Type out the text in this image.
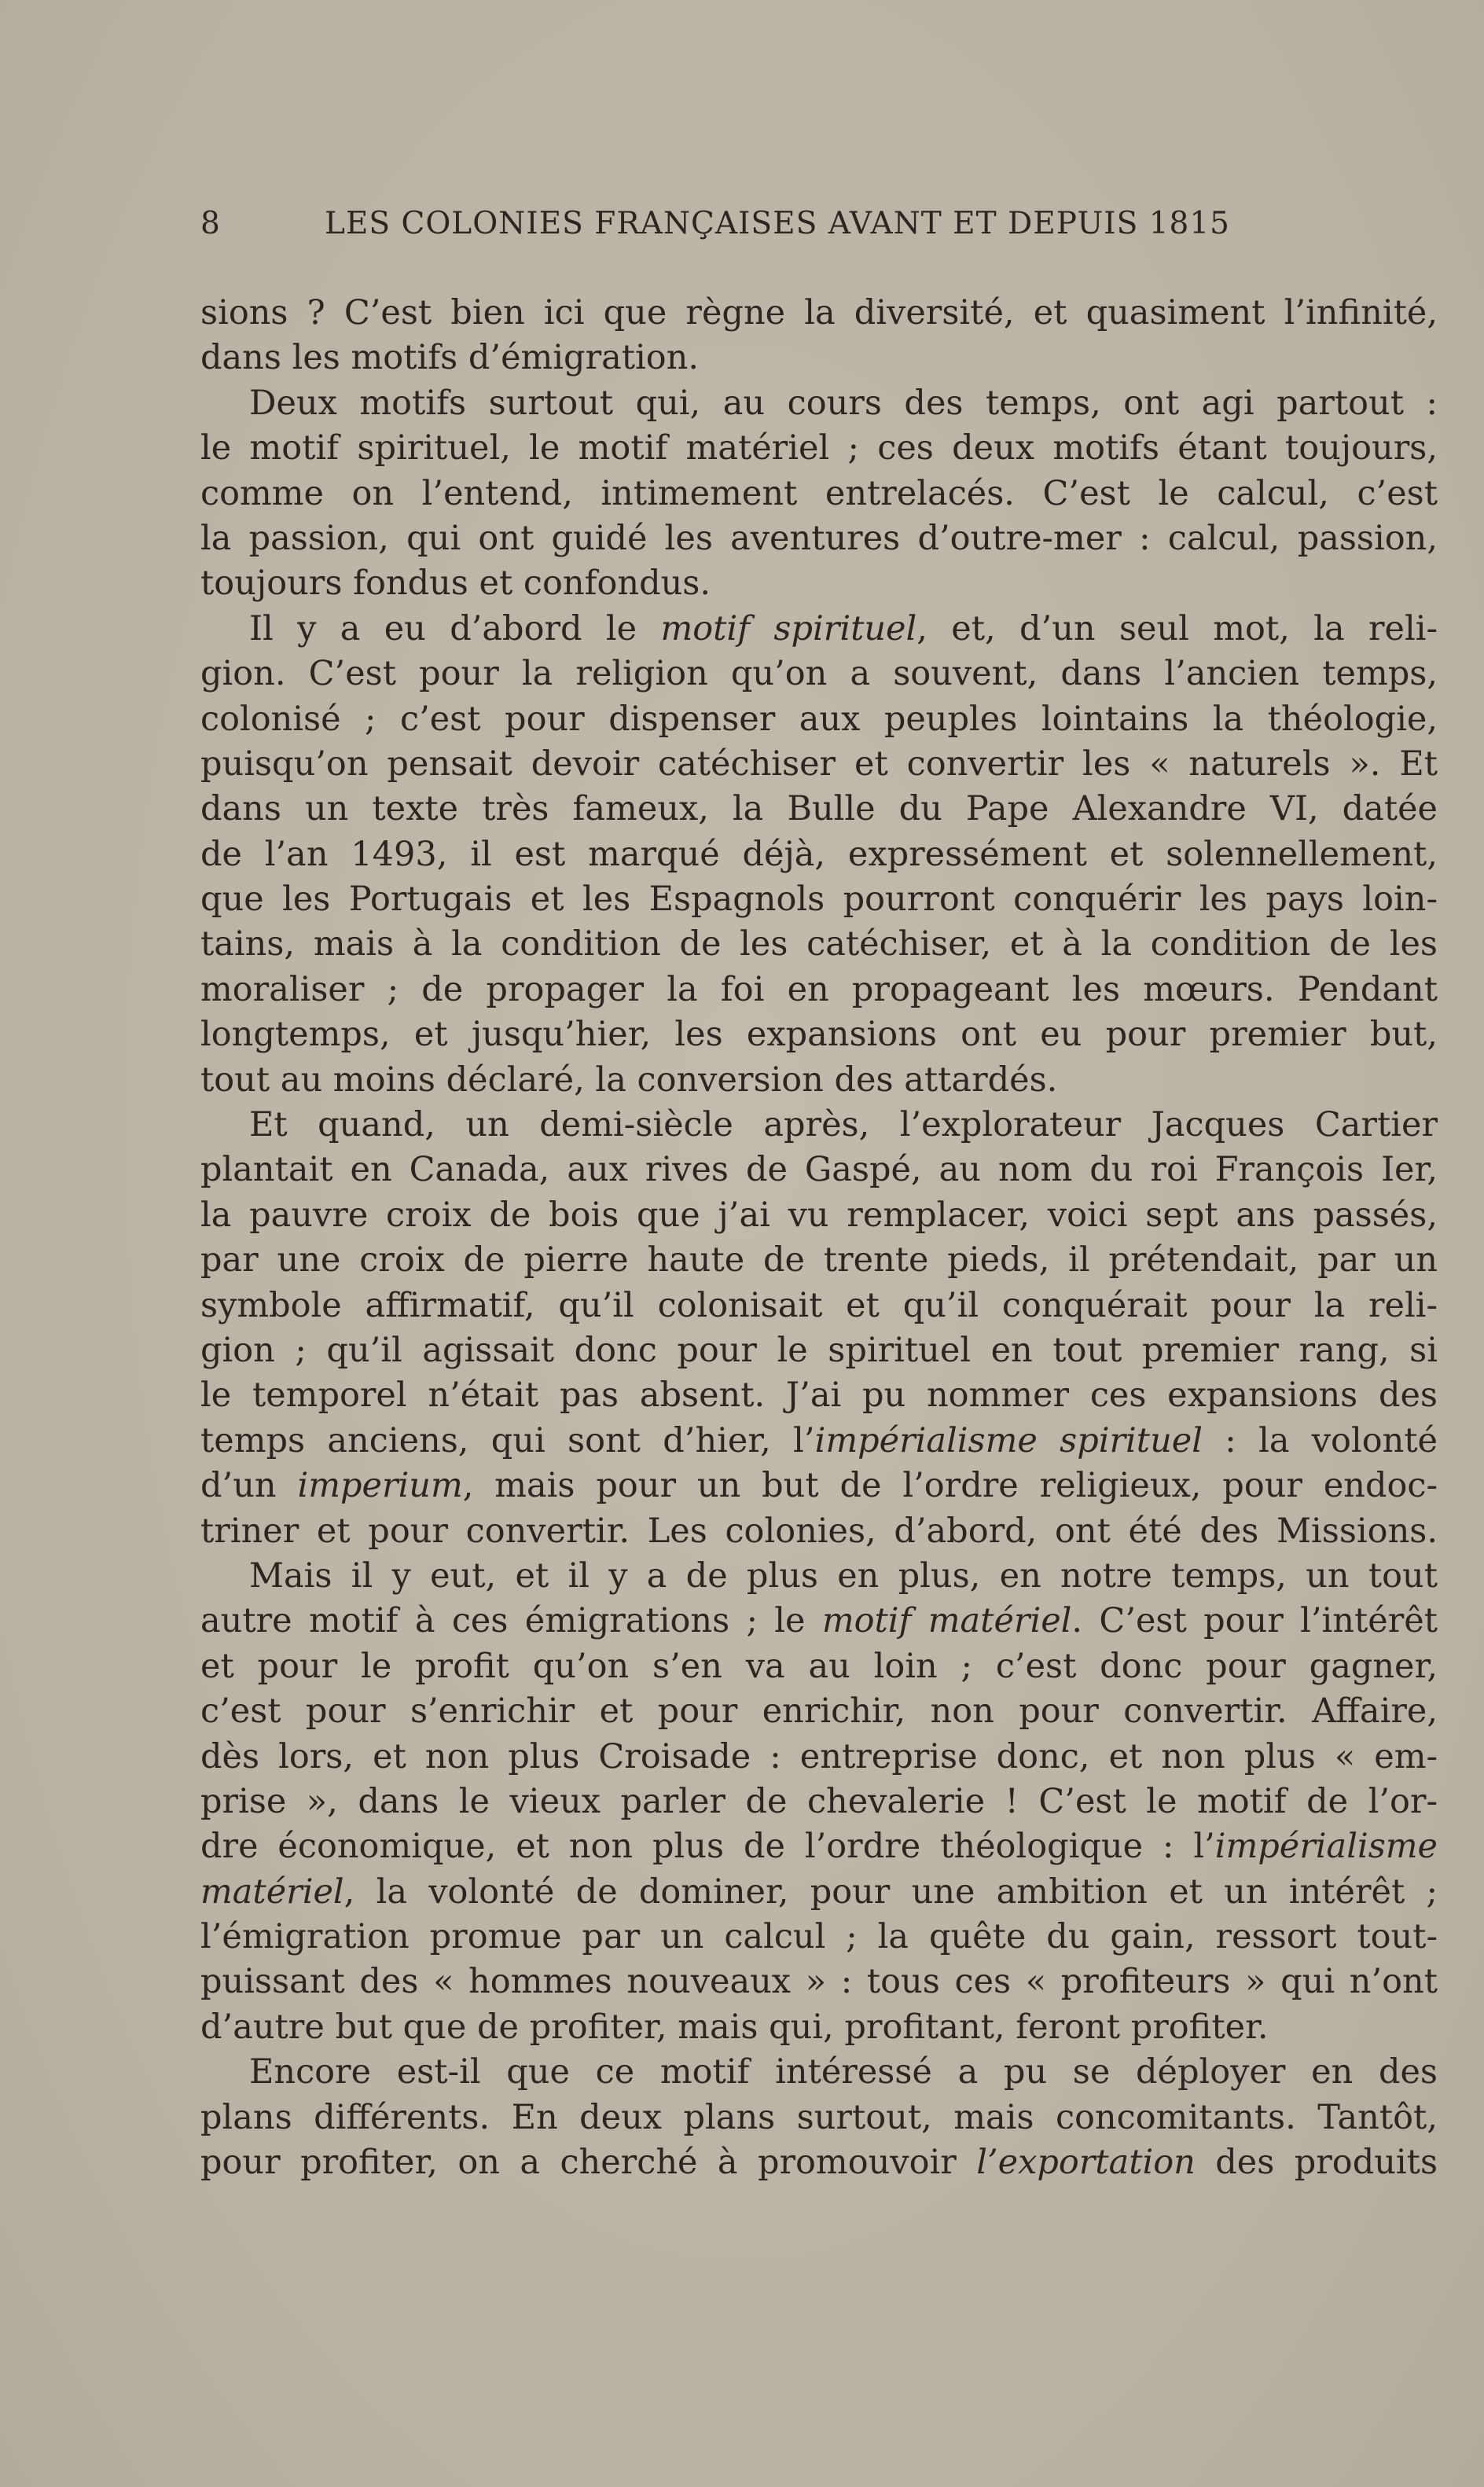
8	LES COLONIES FRANÇAISES AVANT ET DEPUIS 1815
sions ? C’est bien ici que règne la diversité, et quasiment l’infinité,
dans les motifs d’émigration.
Deux motifs surtout qui, au cours des temps, ont agi partout :
le motif spirituel, le motif matériel ; ces deux motifs étant toujours,
comme on l’entend, intimement entrelacés. C’est le calcul, c’est
la passion, qui ont guidé les aventures d’outre-mer : calcul, passion,
toujours fondus et confondus.
Il y a eu d’abord le motif spirituel, et, d’un seul mot, la reli-
gion. C’est pour la religion qu’on a souvent, dans l’ancien temps,
colonisé ; c’est pour dispenser aux peuples lointains la théologie,
puisqu’on pensait devoir catéchiser et convertir les « naturels ». Et
dans un texte très fameux, la Bulle du Pape Alexandre VI, datée
de l’an 1493, il est marqué déjà, expressément et solennellement,
que les Portugais et les Espagnols pourront conquérir les pays loin-
tains, mais à la condition de les catéchiser, et à la condition de les
moraliser ; de propager la foi en propageant les mœurs. Pendant
longtemps, et jusqu’hier, les expansions ont eu pour premier but,
tout au moins déclaré, la conversion des attardés.
Et quand, un demi-siècle après, l’explorateur Jacques Cartier
plantait en Canada, aux rives de Gaspé, au nom du roi François Ier,
la pauvre croix de bois que j’ai vu remplacer, voici sept ans passés,
par une croix de pierre haute de trente pieds, il prétendait, par un
symbole affirmatif, qu’il colonisait et qu’il conquérait pour la reli-
gion ; qu’il agissait donc pour le spirituel en tout premier rang, si
le temporel n’était pas absent. J’ai pu nommer ces expansions des
temps anciens, qui sont d’hier, l’impérialisme spirituel : la volonté
d’un imperium, mais pour un but de l’ordre religieux, pour endoc-
triner et pour convertir. Les colonies, d’abord, ont été des Missions.
Mais il y eut, et il y a de plus en plus, en notre temps, un tout
autre motif à ces émigrations ; le motif matériel. C’est pour l’intérêt
et pour le profit qu’on s’en va au loin ; c’est donc pour gagner,
c’est pour s’enrichir et pour enrichir, non pour convertir. Affaire,
dès lors, et non plus Croisade : entreprise donc, et non plus « em-
prise », dans le vieux parler de chevalerie ! C’est le motif de l’or-
dre économique, et non plus de l’ordre théologique : l’impérialisme
matériel, la volonté de dominer, pour une ambition et un intérêt ;
l’émigration promue par un calcul ; la quête du gain, ressort tout-
puissant des « hommes nouveaux » : tous ces « profiteurs » qui n’ont
d’autre but que de profiter, mais qui, profitant, feront profiter.
Encore est-il que ce motif intéressé a pu se déployer en des
plans différents. En deux plans surtout, mais concomitants. Tantôt,
pour profiter, on a cherché à promouvoir l’exportation des produits
